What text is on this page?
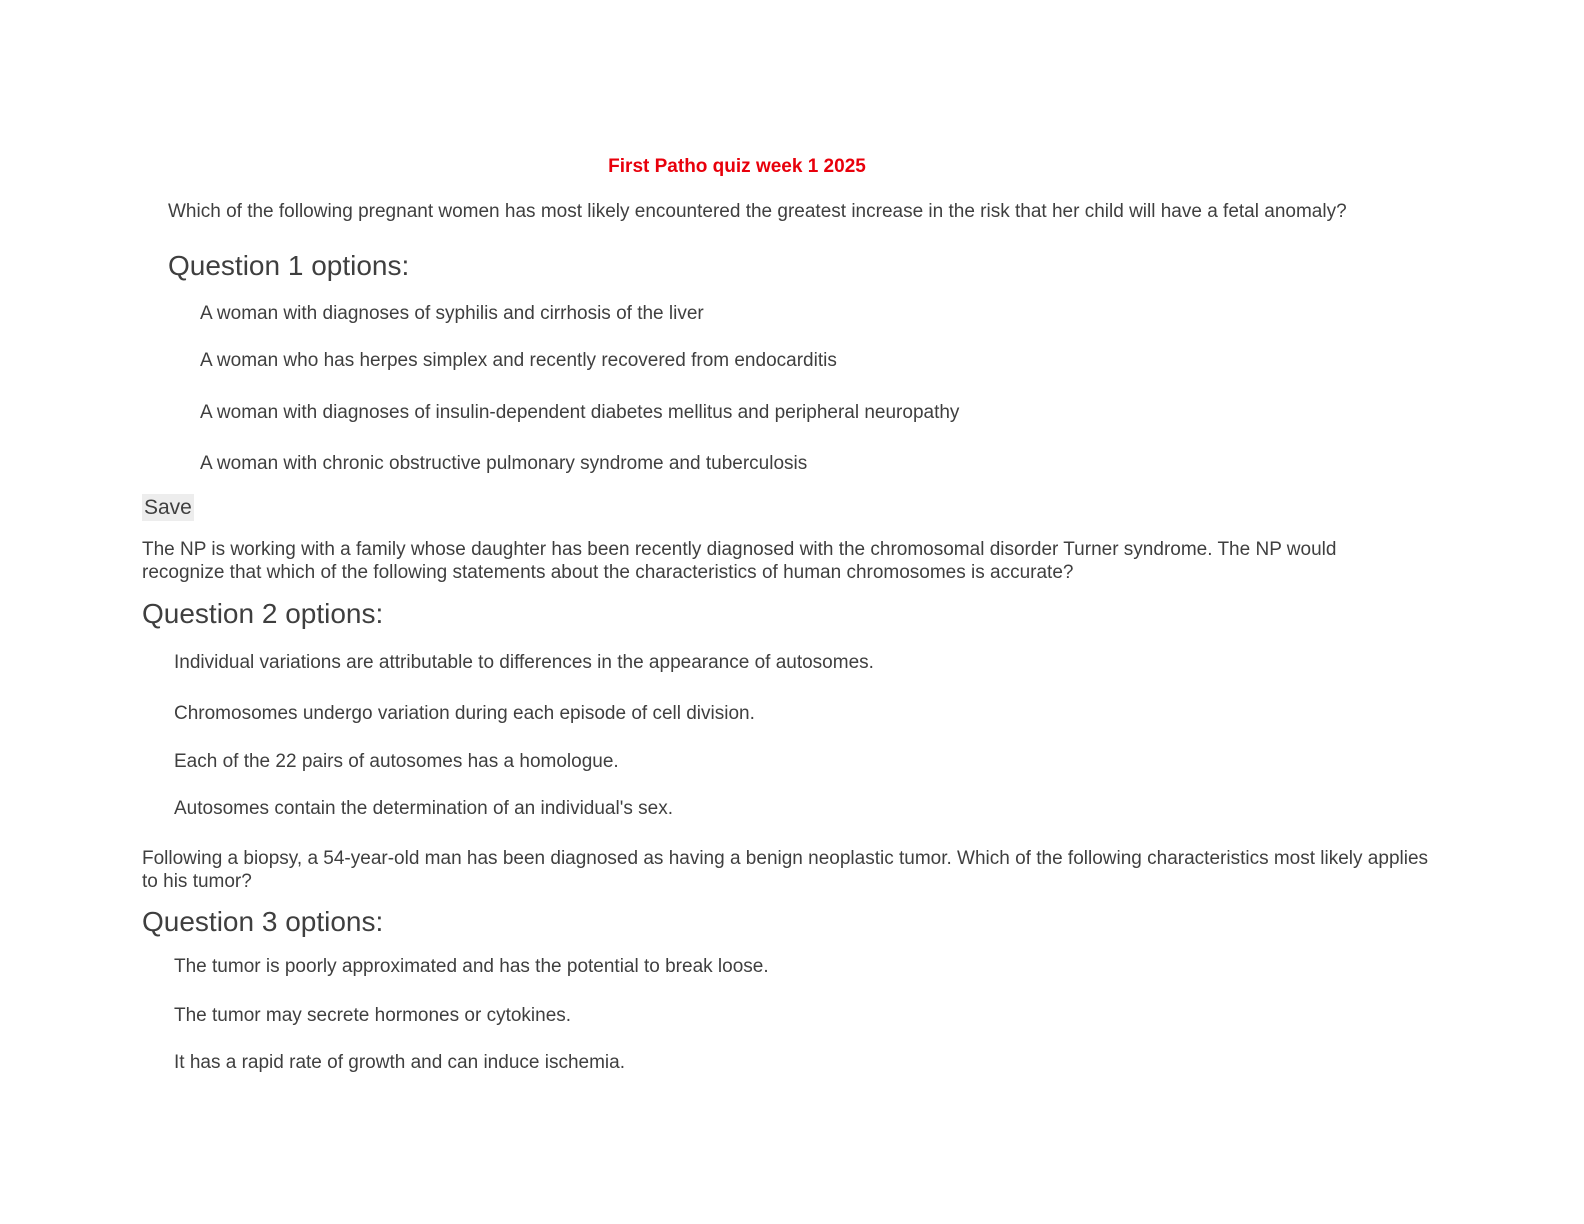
First Patho quiz week 1 2025
Which of the following pregnant women has most likely encountered the greatest increase in the risk that her child will have a fetal anomaly?
Question 1 options:
A woman with diagnoses of syphilis and cirrhosis of the liver
A woman who has herpes simplex and recently recovered from endocarditis
A woman with diagnoses of insulin-dependent diabetes mellitus and peripheral neuropathy
A woman with chronic obstructive pulmonary syndrome and tuberculosis
Save
The NP is working with a family whose daughter has been recently diagnosed with the chromosomal disorder Turner syndrome. The NP would recognize that which of the following statements about the characteristics of human chromosomes is accurate?
Question 2 options:
Individual variations are attributable to differences in the appearance of autosomes.
Chromosomes undergo variation during each episode of cell division.
Each of the 22 pairs of autosomes has a homologue.
Autosomes contain the determination of an individual's sex.
Following a biopsy, a 54-year-old man has been diagnosed as having a benign neoplastic tumor. Which of the following characteristics most likely applies to his tumor?
Question 3 options:
The tumor is poorly approximated and has the potential to break loose.
The tumor may secrete hormones or cytokines.
It has a rapid rate of growth and can induce ischemia.
